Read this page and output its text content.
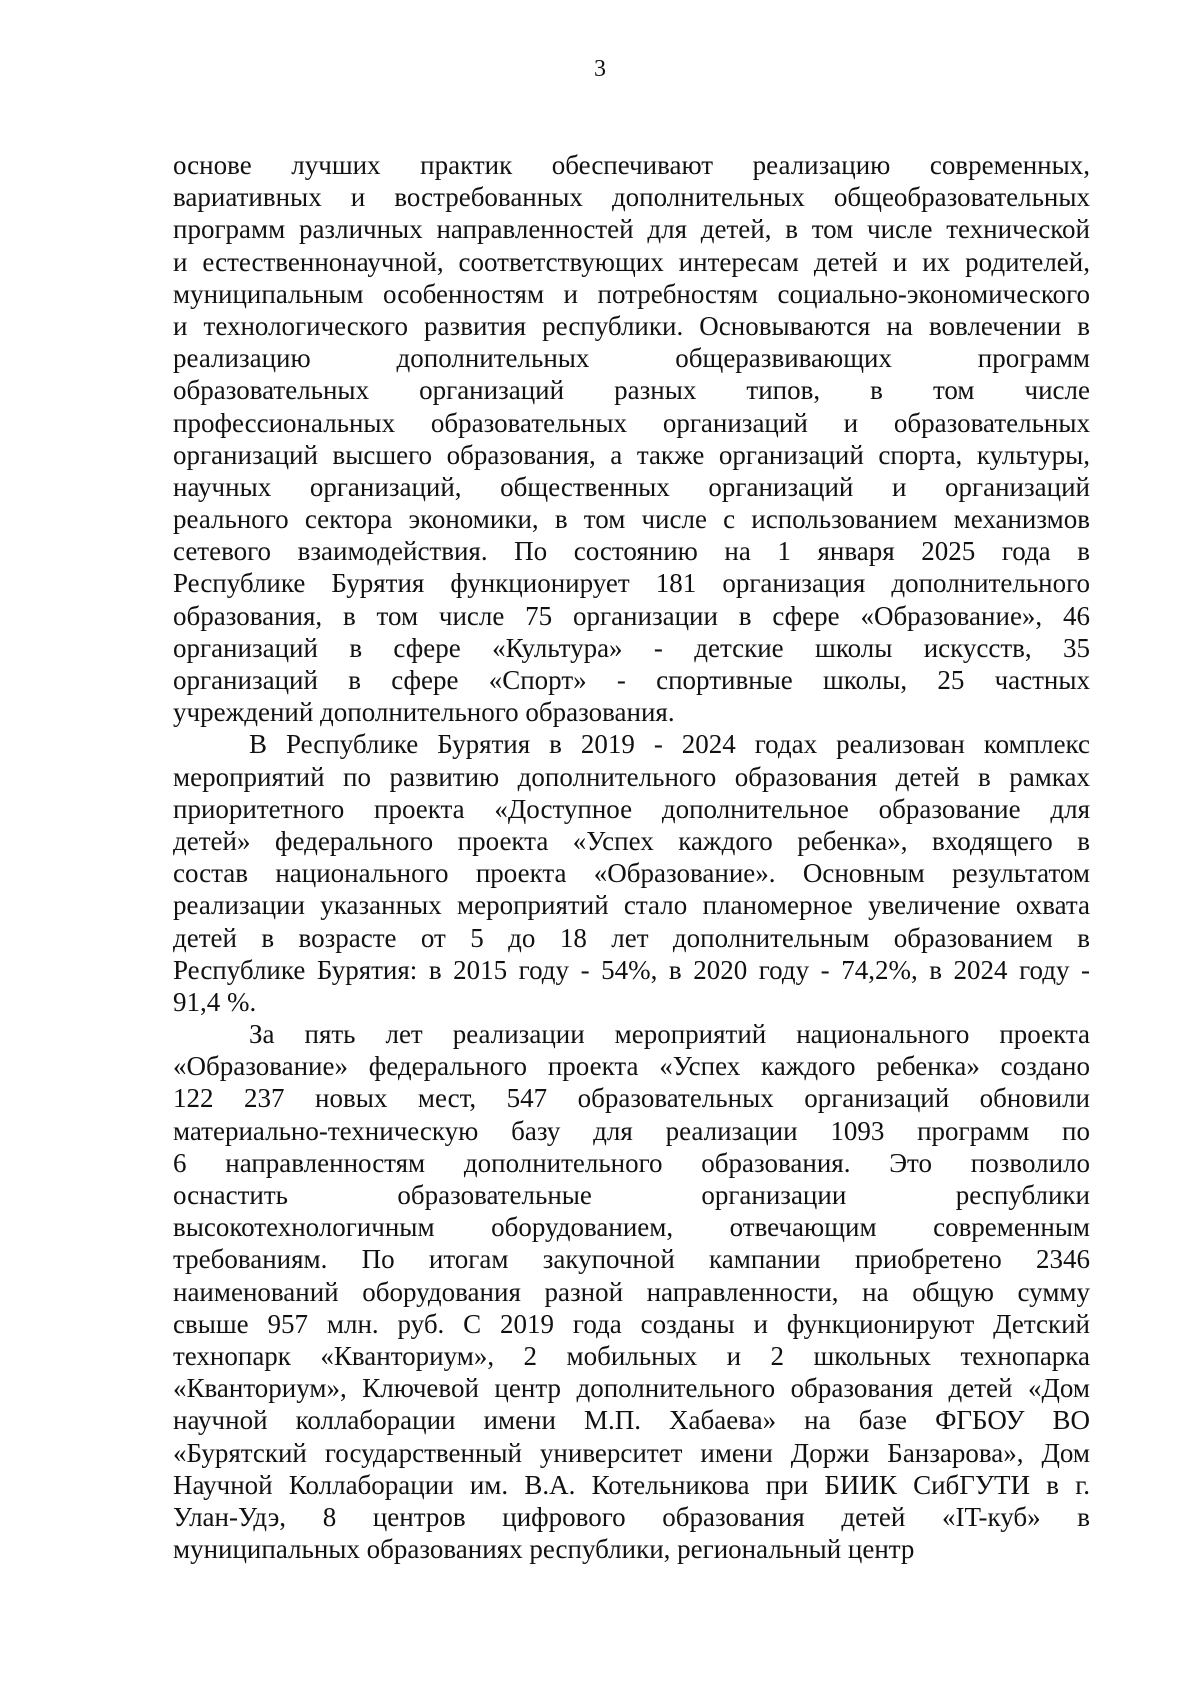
3
основе лучших практик обеспечивают реализацию современных,
вариативных и востребованных дополнительных общеобразовательных
программ различных направленностей для детей, в том числе технической
и естественнонаучной, соответствующих интересам детей и их родителей,
муниципальным особенностям и потребностям социально-экономического
и технологического развития республики. Основываются на вовлечении в
реализацию дополнительных общеразвивающих программ
образовательных организаций разных типов, в том числе
профессиональных образовательных организаций и образовательных
организаций высшего образования, а также организаций спорта, культуры,
научных организаций, общественных организаций и организаций
реального сектора экономики, в том числе с использованием механизмов
сетевого взаимодействия. По состоянию на 1 января 2025 года в
Республике Бурятия функционирует 181 организация дополнительного
образования, в том числе 75 организации в сфере «Образование», 46
организаций в сфере «Культура» - детские школы искусств, 35
организаций в сфере «Спорт» - спортивные школы, 25 частных
учреждений дополнительного образования.
В Республике Бурятия в 2019 - 2024 годах реализован комплекс
мероприятий по развитию дополнительного образования детей в рамках
приоритетного проекта «Доступное дополнительное образование для
детей» федерального проекта «Успех каждого ребенка», входящего в
состав национального проекта «Образование». Основным результатом
реализации указанных мероприятий стало планомерное увеличение охвата
детей в возрасте от 5 до 18 лет дополнительным образованием в
Республике Бурятия: в 2015 году - 54%, в 2020 году - 74,2%, в 2024 году -
91,4 %.
За пять лет реализации мероприятий национального проекта
«Образование» федерального проекта «Успех каждого ребенка» создано
122 237 новых мест, 547 образовательных организаций обновили
материально-техническую базу для реализации 1093 программ по
6 направленностям дополнительного образования. Это позволило
оснастить образовательные организации республики
высокотехнологичным оборудованием, отвечающим современным
требованиям. По итогам закупочной кампании приобретено 2346
наименований оборудования разной направленности, на общую сумму
свыше 957 млн. руб. С 2019 года созданы и функционируют Детский
технопарк «Кванториум», 2 мобильных и 2 школьных технопарка
«Кванториум», Ключевой центр дополнительного образования детей «Дом
научной коллаборации имени М.П. Хабаева» на базе ФГБОУ ВО
«Бурятский государственный университет имени Доржи Банзарова», Дом
Научной Коллаборации им. В.А. Котельникова при БИИК СибГУТИ в г.
Улан-Удэ, 8 центров цифрового образования детей «IT-куб» в
муниципальных образованиях республики, региональный центр
